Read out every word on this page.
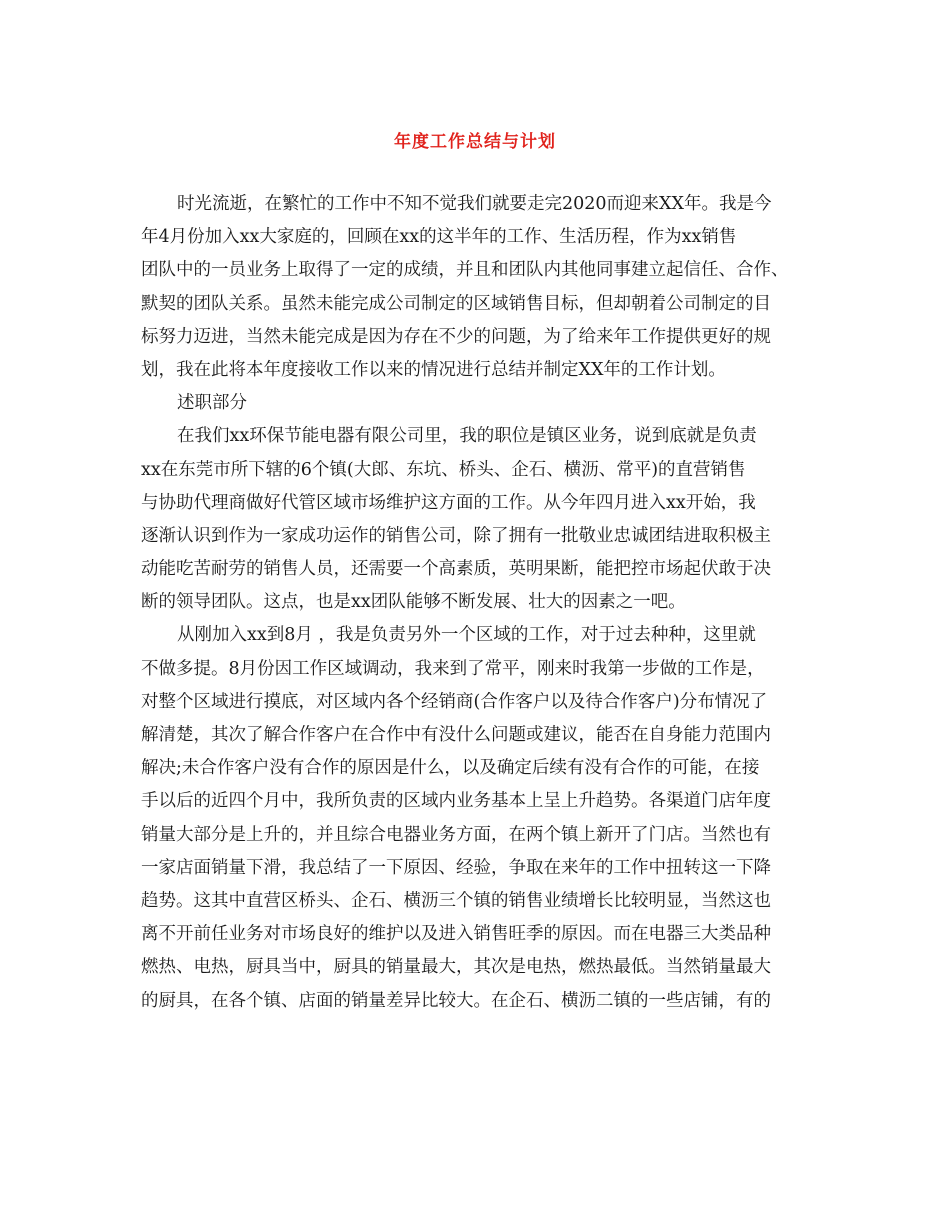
年度工作总结与计划
时光流逝，在繁忙的工作中不知不觉我们就要走完2020而迎来XX年。我是今
年4月份加入xx大家庭的，回顾在xx的这半年的工作、生活历程，作为xx销售
团队中的一员业务上取得了一定的成绩，并且和团队内其他同事建立起信任、合作、
默契的团队关系。虽然未能完成公司制定的区域销售目标，但却朝着公司制定的目
标努力迈进，当然未能完成是因为存在不少的问题，为了给来年工作提供更好的规
划，我在此将本年度接收工作以来的情况进行总结并制定XX年的工作计划。
述职部分
在我们xx环保节能电器有限公司里，我的职位是镇区业务，说到底就是负责
xx在东莞市所下辖的6个镇(大郎、东坑、桥头、企石、横沥、常平)的直营销售
与协助代理商做好代管区域市场维护这方面的工作。从今年四月进入xx开始，我
逐渐认识到作为一家成功运作的销售公司，除了拥有一批敬业忠诚团结进取积极主
动能吃苦耐劳的销售人员，还需要一个高素质，英明果断，能把控市场起伏敢于决
断的领导团队。这点，也是xx团队能够不断发展、壮大的因素之一吧。
从刚加入xx到8月 ，我是负责另外一个区域的工作，对于过去种种，这里就
不做多提。8月份因工作区域调动，我来到了常平，刚来时我第一步做的工作是，
对整个区域进行摸底，对区域内各个经销商(合作客户以及待合作客户)分布情况了
解清楚，其次了解合作客户在合作中有没什么问题或建议，能否在自身能力范围内
解决;未合作客户没有合作的原因是什么，以及确定后续有没有合作的可能，在接
手以后的近四个月中，我所负责的区域内业务基本上呈上升趋势。各渠道门店年度
销量大部分是上升的，并且综合电器业务方面，在两个镇上新开了门店。当然也有
一家店面销量下滑，我总结了一下原因、经验，争取在来年的工作中扭转这一下降
趋势。这其中直营区桥头、企石、横沥三个镇的销售业绩增长比较明显，当然这也
离不开前任业务对市场良好的维护以及进入销售旺季的原因。而在电器三大类品种
燃热、电热，厨具当中，厨具的销量最大，其次是电热，燃热最低。当然销量最大
的厨具，在各个镇、店面的销量差异比较大。在企石、横沥二镇的一些店铺，有的
